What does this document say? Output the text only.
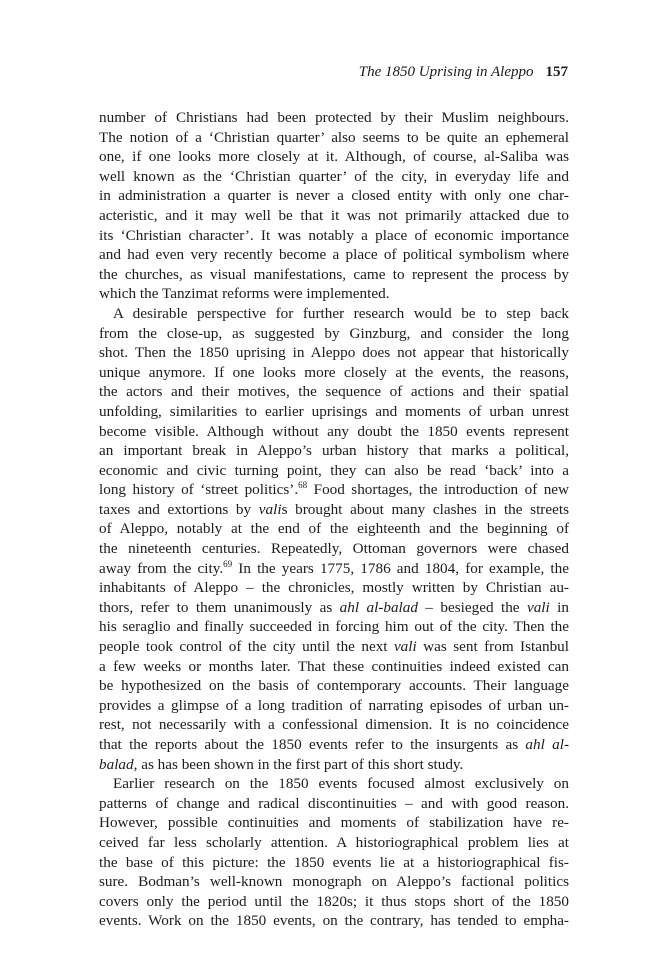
The 1850 Uprising in Aleppo 157
number of Christians had been protected by their Muslim neighbours.
The notion of a ‘Christian quarter’ also seems to be quite an ephemeral
one, if one looks more closely at it. Although, of course, al-Saliba was
well known as the ‘Christian quarter’ of the city, in everyday life and
in administration a quarter is never a closed entity with only one char-
acteristic, and it may well be that it was not primarily attacked due to
its ‘Christian character’. It was notably a place of economic importance
and had even very recently become a place of political symbolism where
the churches, as visual manifestations, came to represent the process by
which the Tanzimat reforms were implemented.
A desirable perspective for further research would be to step back
from the close-up, as suggested by Ginzburg, and consider the long
shot. Then the 1850 uprising in Aleppo does not appear that historically
unique anymore. If one looks more closely at the events, the reasons,
the actors and their motives, the sequence of actions and their spatial
unfolding, similarities to earlier uprisings and moments of urban unrest
become visible. Although without any doubt the 1850 events represent
an important break in Aleppo’s urban history that marks a political,
economic and civic turning point, they can also be read ‘back’ into a
long history of ‘street politics’.$^{68}$ Food shortages, the introduction of new
taxes and extortions by valis brought about many clashes in the streets
of Aleppo, notably at the end of the eighteenth and the beginning of
the nineteenth centuries. Repeatedly, Ottoman governors were chased
away from the city.$^{69}$ In the years 1775, 1786 and 1804, for example, the
inhabitants of Aleppo – the chronicles, mostly written by Christian au-
thors, refer to them unanimously as ahl al-balad – besieged the vali in
his seraglio and finally succeeded in forcing him out of the city. Then the
people took control of the city until the next vali was sent from Istanbul
a few weeks or months later. That these continuities indeed existed can
be hypothesized on the basis of contemporary accounts. Their language
provides a glimpse of a long tradition of narrating episodes of urban un-
rest, not necessarily with a confessional dimension. It is no coincidence
that the reports about the 1850 events refer to the insurgents as ahl al-
balad, as has been shown in the first part of this short study.
Earlier research on the 1850 events focused almost exclusively on
patterns of change and radical discontinuities – and with good reason.
However, possible continuities and moments of stabilization have re-
ceived far less scholarly attention. A historiographical problem lies at
the base of this picture: the 1850 events lie at a historiographical fis-
sure. Bodman’s well-known monograph on Aleppo’s factional politics
covers only the period until the 1820s; it thus stops short of the 1850
events. Work on the 1850 events, on the contrary, has tended to empha-
